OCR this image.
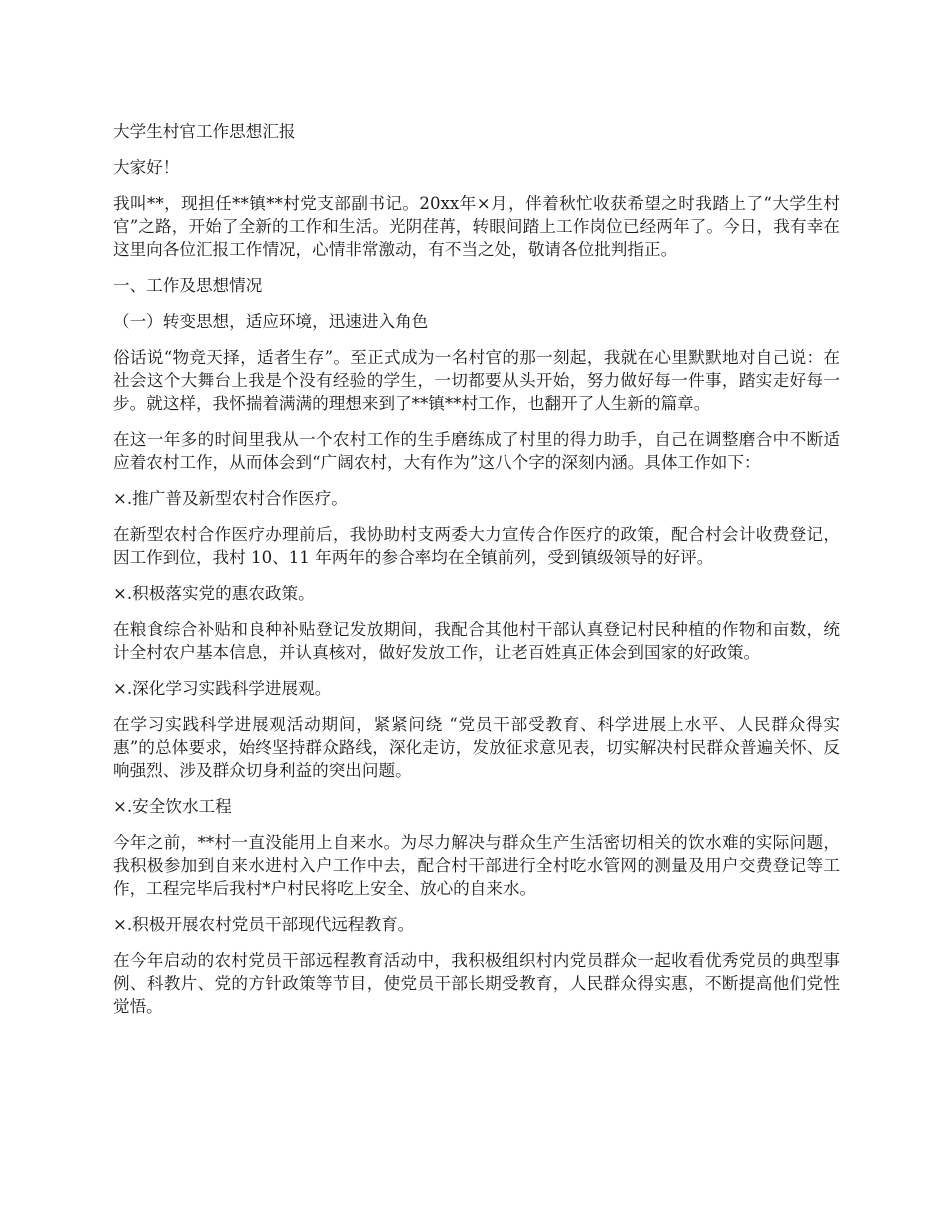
大学生村官工作思想汇报

大家好！

我叫**，现担任**镇**村党支部副书记。20xx年×月，伴着秋忙收获希望之时我踏上了“大学生村官”之路，开始了全新的工作和生活。光阴荏苒，转眼间踏上工作岗位已经两年了。今日，我有幸在这里向各位汇报工作情况，心情非常激动，有不当之处，敬请各位批判指正。

一、工作及思想情况

（一）转变思想，适应环境，迅速进入角色

俗话说“物竞天择，适者生存”。至正式成为一名村官的那一刻起，我就在心里默默地对自己说：在社会这个大舞台上我是个没有经验的学生，一切都要从头开始，努力做好每一件事，踏实走好每一步。就这样，我怀揣着满满的理想来到了**镇**村工作，也翻开了人生新的篇章。

在这一年多的时间里我从一个农村工作的生手磨练成了村里的得力助手，自己在调整磨合中不断适应着农村工作，从而体会到“广阔农村，大有作为”这八个字的深刻内涵。具体工作如下：

×.推广普及新型农村合作医疗。

在新型农村合作医疗办理前后，我协助村支两委大力宣传合作医疗的政策，配合村会计收费登记，因工作到位，我村 10、11 年两年的参合率均在全镇前列，受到镇级领导的好评。

×.积极落实党的惠农政策。

在粮食综合补贴和良种补贴登记发放期间，我配合其他村干部认真登记村民种植的作物和亩数，统计全村农户基本信息，并认真核对，做好发放工作，让老百姓真正体会到国家的好政策。

×.深化学习实践科学进展观。

在学习实践科学进展观活动期间，紧紧问绕 “党员干部受教育、科学进展上水平、人民群众得实惠”的总体要求，始终坚持群众路线，深化走访，发放征求意见表，切实解决村民群众普遍关怀、反响强烈、涉及群众切身利益的突出问题。

×.安全饮水工程

今年之前，**村一直没能用上自来水。为尽力解决与群众生产生活密切相关的饮水难的实际问题，我积极参加到自来水进村入户工作中去，配合村干部进行全村吃水管网的测量及用户交费登记等工作，工程完毕后我村*户村民将吃上安全、放心的自来水。

×.积极开展农村党员干部现代远程教育。

在今年启动的农村党员干部远程教育活动中，我积极组织村内党员群众一起收看优秀党员的典型事例、科教片、党的方针政策等节目，使党员干部长期受教育，人民群众得实惠，不断提高他们党性觉悟。
